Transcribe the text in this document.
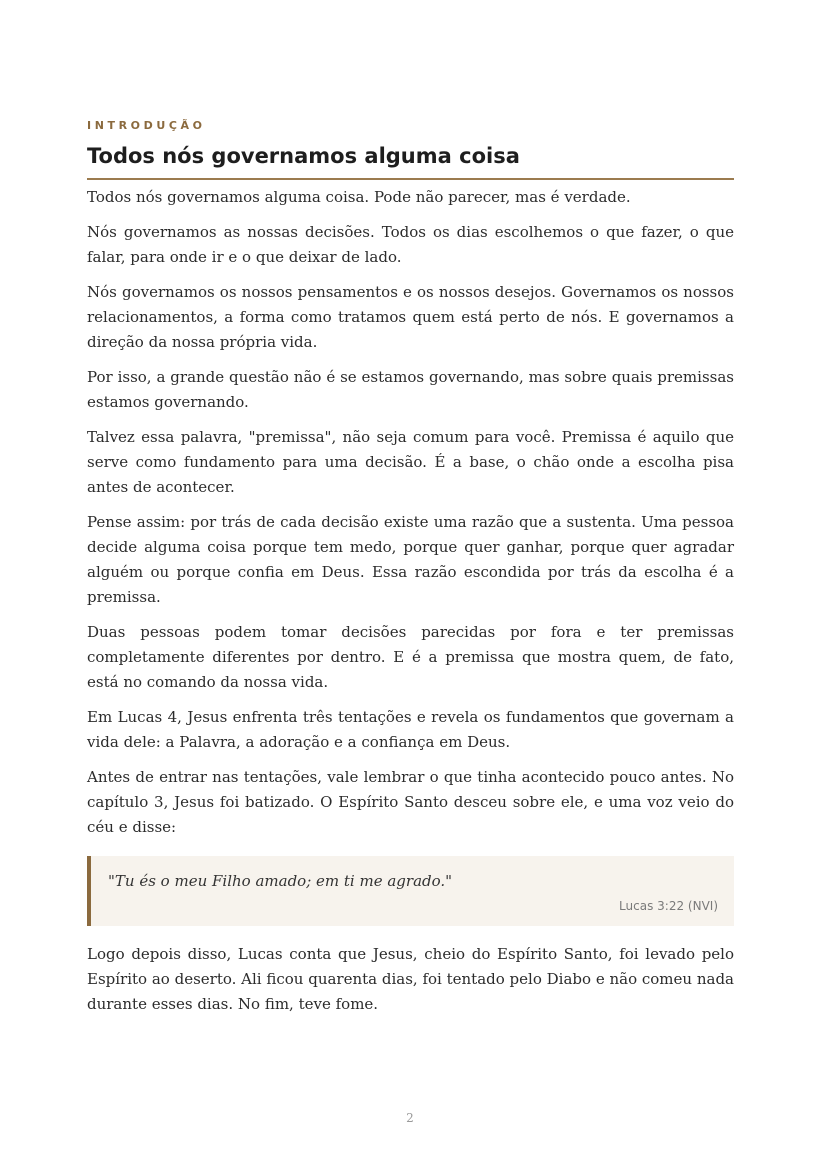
INTRODUÇÃO
Todos nós governamos alguma coisa

Todos nós governamos alguma coisa. Pode não parecer, mas é verdade.

Nós governamos as nossas decisões. Todos os dias escolhemos o que fazer, o que falar, para onde ir e o que deixar de lado.

Nós governamos os nossos pensamentos e os nossos desejos. Governamos os nossos relacionamentos, a forma como tratamos quem está perto de nós. E governamos a direção da nossa própria vida.

Por isso, a grande questão não é se estamos governando, mas sobre quais premissas estamos governando.

Talvez essa palavra, "premissa", não seja comum para você. Premissa é aquilo que serve como fundamento para uma decisão. É a base, o chão onde a escolha pisa antes de acontecer.

Pense assim: por trás de cada decisão existe uma razão que a sustenta. Uma pessoa decide alguma coisa porque tem medo, porque quer ganhar, porque quer agradar alguém ou porque confia em Deus. Essa razão escondida por trás da escolha é a premissa.

Duas pessoas podem tomar decisões parecidas por fora e ter premissas completamente diferentes por dentro. E é a premissa que mostra quem, de fato, está no comando da nossa vida.

Em Lucas 4, Jesus enfrenta três tentações e revela os fundamentos que governam a vida dele: a Palavra, a adoração e a confiança em Deus.

Antes de entrar nas tentações, vale lembrar o que tinha acontecido pouco antes. No capítulo 3, Jesus foi batizado. O Espírito Santo desceu sobre ele, e uma voz veio do céu e disse:

"Tu és o meu Filho amado; em ti me agrado."
Lucas 3:22 (NVI)

Logo depois disso, Lucas conta que Jesus, cheio do Espírito Santo, foi levado pelo Espírito ao deserto. Ali ficou quarenta dias, foi tentado pelo Diabo e não comeu nada durante esses dias. No fim, teve fome.

2
